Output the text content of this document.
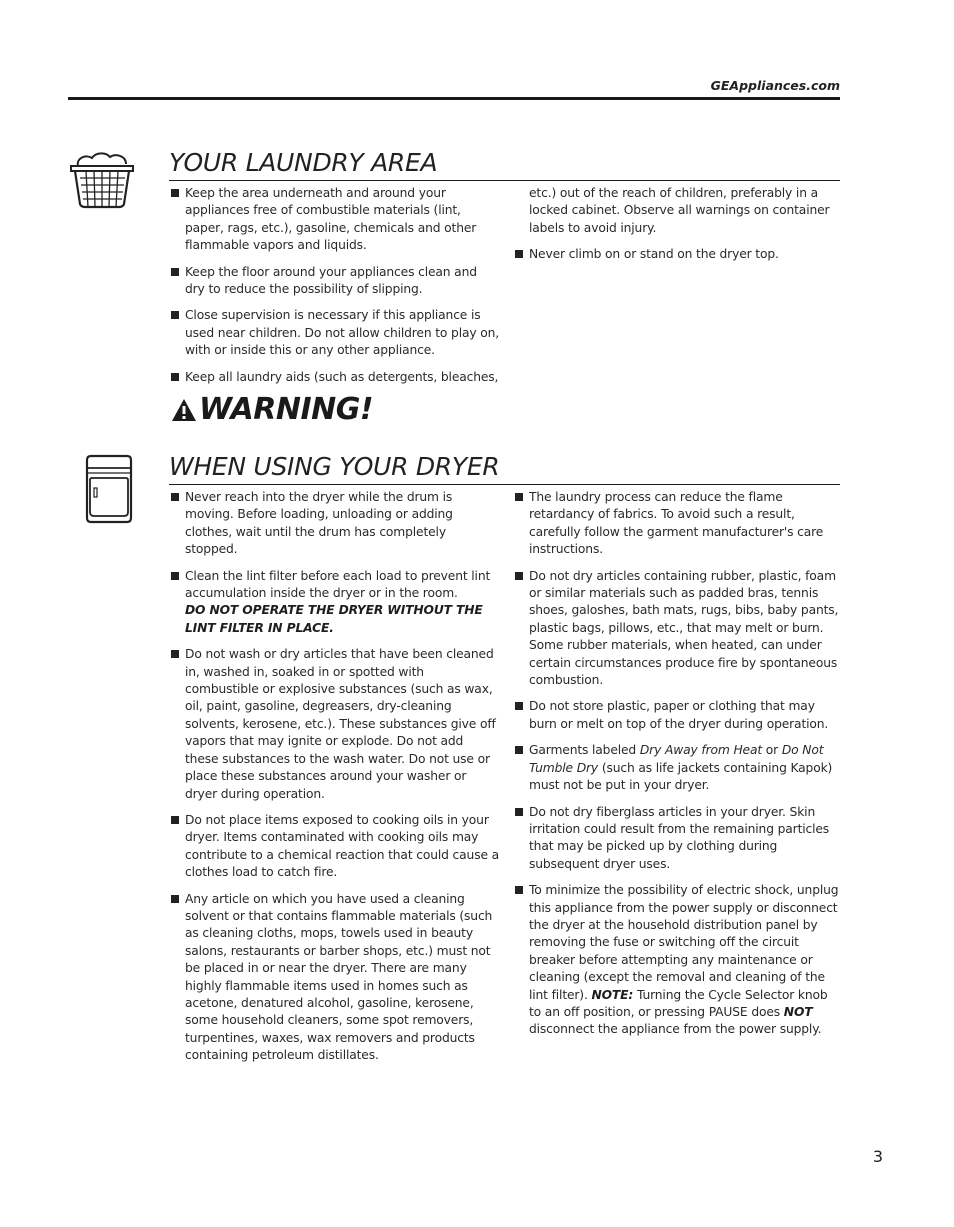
GEAppliances.com
YOUR LAUNDRY AREA
Keep the area underneath and around your appliances free of combustible materials (lint, paper, rags, etc.), gasoline, chemicals and other flammable vapors and liquids.
Keep the floor around your appliances clean and dry to reduce the possibility of slipping.
Close supervision is necessary if this appliance is used near children. Do not allow children to play on, with or inside this or any other appliance.
Keep all laundry aids (such as detergents, bleaches,
etc.) out of the reach of children, preferably in a locked cabinet. Observe all warnings on container labels to avoid injury.
Never climb on or stand on the dryer top.
WARNING!
WHEN USING YOUR DRYER
Never reach into the dryer while the drum is moving. Before loading, unloading or adding clothes, wait until the drum has completely stopped.
Clean the lint filter before each load to prevent lint accumulation inside the dryer or in the room.
DO NOT OPERATE THE DRYER WITHOUT THE LINT FILTER IN PLACE.
Do not wash or dry articles that have been cleaned in, washed in, soaked in or spotted with combustible or explosive substances (such as wax, oil, paint, gasoline, degreasers, dry-cleaning solvents, kerosene, etc.). These substances give off vapors that may ignite or explode. Do not add these substances to the wash water. Do not use or place these substances around your washer or dryer during operation.
Do not place items exposed to cooking oils in your dryer. Items contaminated with cooking oils may contribute to a chemical reaction that could cause a clothes load to catch fire.
Any article on which you have used a cleaning solvent or that contains flammable materials (such as cleaning cloths, mops, towels used in beauty salons, restaurants or barber shops, etc.) must not be placed in or near the dryer. There are many highly flammable items used in homes such as acetone, denatured alcohol, gasoline, kerosene, some household cleaners, some spot removers, turpentines, waxes, wax removers and products containing petroleum distillates.
The laundry process can reduce the flame retardancy of fabrics. To avoid such a result, carefully follow the garment manufacturer's care instructions.
Do not dry articles containing rubber, plastic, foam or similar materials such as padded bras, tennis shoes, galoshes, bath mats, rugs, bibs, baby pants, plastic bags, pillows, etc., that may melt or burn. Some rubber materials, when heated, can under certain circumstances produce fire by spontaneous combustion.
Do not store plastic, paper or clothing that may burn or melt on top of the dryer during operation.
Garments labeled Dry Away from Heat or Do Not Tumble Dry (such as life jackets containing Kapok) must not be put in your dryer.
Do not dry fiberglass articles in your dryer. Skin irritation could result from the remaining particles that may be picked up by clothing during subsequent dryer uses.
To minimize the possibility of electric shock, unplug this appliance from the power supply or disconnect the dryer at the household distribution panel by removing the fuse or switching off the circuit breaker before attempting any maintenance or cleaning (except the removal and cleaning of the lint filter). NOTE: Turning the Cycle Selector knob to an off position, or pressing PAUSE does NOT disconnect the appliance from the power supply.
3
